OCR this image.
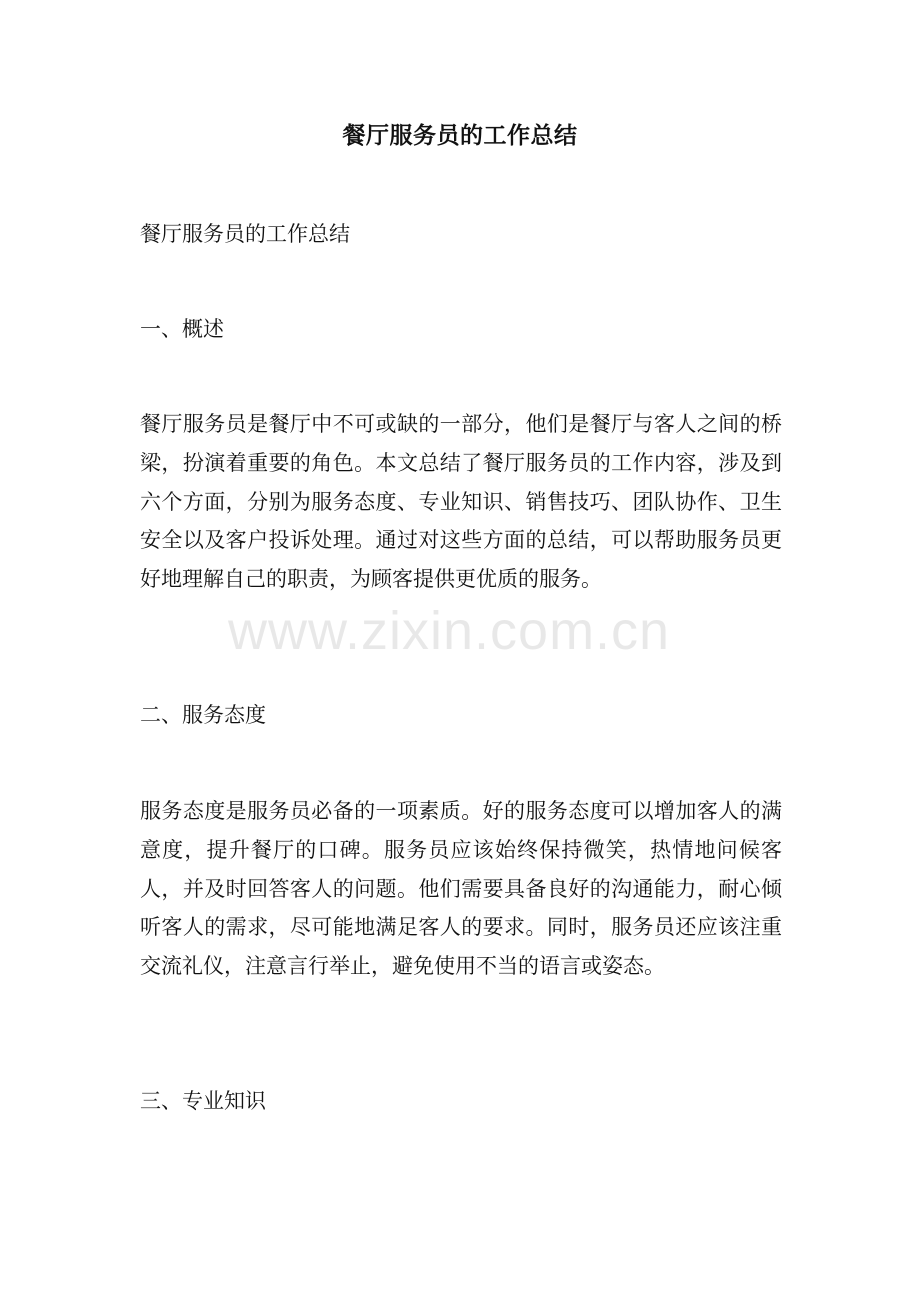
餐厅服务员的工作总结

餐厅服务员的工作总结

一、概述

餐厅服务员是餐厅中不可或缺的一部分，他们是餐厅与客人之间的桥梁，扮演着重要的角色。本文总结了餐厅服务员的工作内容，涉及到六个方面，分别为服务态度、专业知识、销售技巧、团队协作、卫生安全以及客户投诉处理。通过对这些方面的总结，可以帮助服务员更好地理解自己的职责，为顾客提供更优质的服务。

二、服务态度

服务态度是服务员必备的一项素质。好的服务态度可以增加客人的满意度，提升餐厅的口碑。服务员应该始终保持微笑，热情地问候客人，并及时回答客人的问题。他们需要具备良好的沟通能力，耐心倾听客人的需求，尽可能地满足客人的要求。同时，服务员还应该注重交流礼仪，注意言行举止，避免使用不当的语言或姿态。

三、专业知识

www.zixin.com.cn
